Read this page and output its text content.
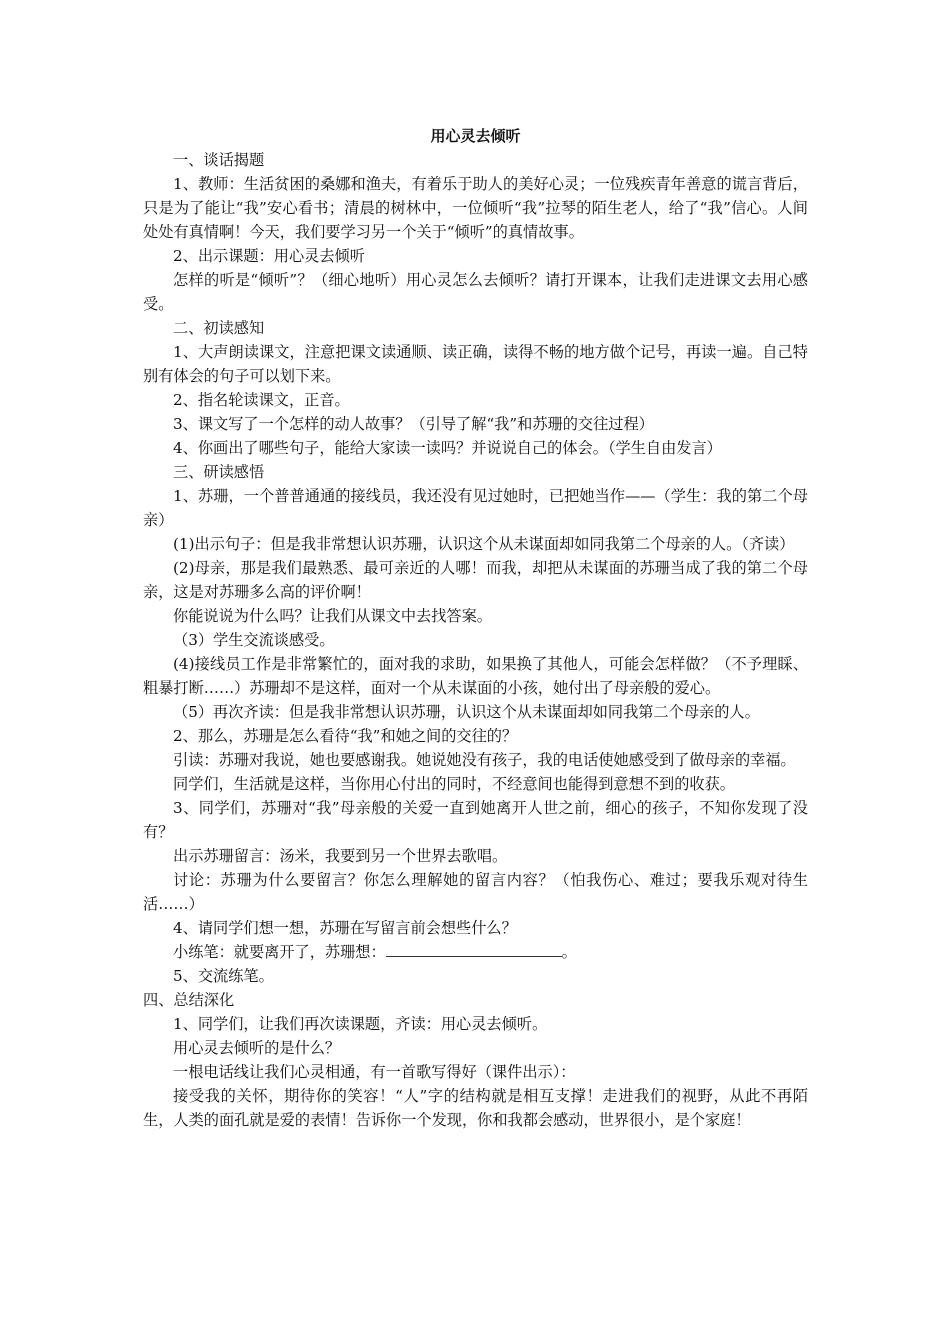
用心灵去倾听
一、谈话揭题
1、教师：生活贫困的桑娜和渔夫，有着乐于助人的美好心灵；一位残疾青年善意的谎言背后，只是为了能让“我”安心看书；清晨的树林中，一位倾听“我”拉琴的陌生老人，给了“我”信心。人间处处有真情啊！今天，我们要学习另一个关于“倾听”的真情故事。
2、出示课题：用心灵去倾听
怎样的听是“倾听”？（细心地听）用心灵怎么去倾听？请打开课本，让我们走进课文去用心感受。
二、初读感知
1、大声朗读课文，注意把课文读通顺、读正确，读得不畅的地方做个记号，再读一遍。自己特别有体会的句子可以划下来。
2、指名轮读课文，正音。
3、课文写了一个怎样的动人故事？（引导了解“我”和苏珊的交往过程）
4、你画出了哪些句子，能给大家读一读吗？并说说自己的体会。（学生自由发言）
三、研读感悟
1、苏珊，一个普普通通的接线员，我还没有见过她时，已把她当作——（学生：我的第二个母亲）
(1)出示句子：但是我非常想认识苏珊，认识这个从未谋面却如同我第二个母亲的人。（齐读）
(2)母亲，那是我们最熟悉、最可亲近的人哪！而我，却把从未谋面的苏珊当成了我的第二个母亲，这是对苏珊多么高的评价啊！
你能说说为什么吗？让我们从课文中去找答案。
（3）学生交流谈感受。
(4)接线员工作是非常繁忙的，面对我的求助，如果换了其他人，可能会怎样做？（不予理睬、粗暴打断……）苏珊却不是这样，面对一个从未谋面的小孩，她付出了母亲般的爱心。
（5）再次齐读：但是我非常想认识苏珊，认识这个从未谋面却如同我第二个母亲的人。
2、那么，苏珊是怎么看待“我”和她之间的交往的？
引读：苏珊对我说，她也要感谢我。她说她没有孩子，我的电话使她感受到了做母亲的幸福。
同学们，生活就是这样，当你用心付出的同时，不经意间也能得到意想不到的收获。
3、同学们，苏珊对“我”母亲般的关爱一直到她离开人世之前，细心的孩子，不知你发现了没有？
出示苏珊留言：汤米，我要到另一个世界去歌唱。
讨论：苏珊为什么要留言？你怎么理解她的留言内容？（怕我伤心、难过；要我乐观对待生活……）
4、请同学们想一想，苏珊在写留言前会想些什么？
小练笔：就要离开了，苏珊想：	。
5、交流练笔。
四、总结深化
1、同学们，让我们再次读课题，齐读：用心灵去倾听。
用心灵去倾听的是什么？
一根电话线让我们心灵相通，有一首歌写得好（课件出示）：
接受我的关怀，期待你的笑容！“人”字的结构就是相互支撑！走进我们的视野，从此不再陌生，人类的面孔就是爱的表情！告诉你一个发现，你和我都会感动，世界很小，是个家庭！
